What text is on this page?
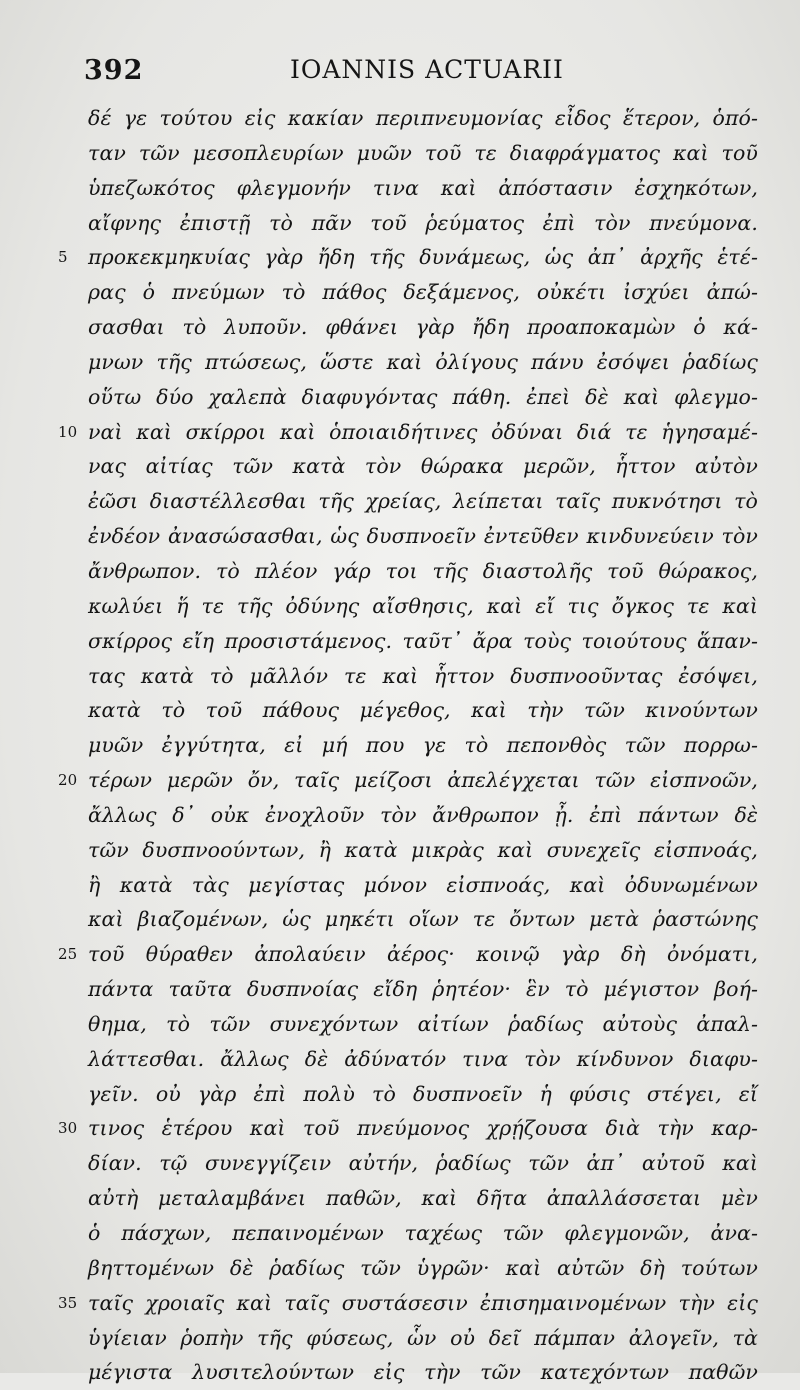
392	IOANNIS ACTUARII
δέ γε τούτου εἰς κακίαν περιπνευμονίας εἶδος ἕτερον, ὁπό-
ταν τῶν μεσοπλευρίων μυῶν τοῦ τε διαφράγματος καὶ τοῦ
ὑπεζωκότος φλεγμονήν τινα καὶ ἀπόστασιν ἐσχηκότων,
αἴφνης ἐπιστῇ τὸ πᾶν τοῦ ῥεύματος ἐπὶ τὸν πνεύμονα.
5 προκεκμηκυίας γὰρ ἤδη τῆς δυνάμεως, ὡς ἀπ᾽ ἀρχῆς ἑτέ-
ρας ὁ πνεύμων τὸ πάθος δεξάμενος, οὐκέτι ἰσχύει ἀπώ-
σασθαι τὸ λυποῦν. φθάνει γὰρ ἤδη προαποκαμὼν ὁ κά-
μνων τῆς πτώσεως, ὥστε καὶ ὀλίγους πάνυ ἐσόψει ῥαδίως
οὕτω δύο χαλεπὰ διαφυγόντας πάθη. ἐπεὶ δὲ καὶ φλεγμο-
10 ναὶ καὶ σκίρροι καὶ ὁποιαιδήτινες ὀδύναι διά τε ἡγησαμέ-
νας αἰτίας τῶν κατὰ τὸν θώρακα μερῶν, ἧττον αὐτὸν
ἐῶσι διαστέλλεσθαι τῆς χρείας, λείπεται ταῖς πυκνότησι τὸ
ἐνδέον ἀνασώσασθαι, ὡς δυσπνοεῖν ἐντεῦθεν κινδυνεύειν τὸν
ἄνθρωπον. τὸ πλέον γάρ τοι τῆς διαστολῆς τοῦ θώρακος,
κωλύει ἥ τε τῆς ὀδύνης αἴσθησις, καὶ εἴ τις ὄγκος τε καὶ
σκίρρος εἴη προσιστάμενος. ταῦτ᾽ ἄρα τοὺς τοιούτους ἅπαν-
τας κατὰ τὸ μᾶλλόν τε καὶ ἧττον δυσπνοοῦντας ἐσόψει,
κατὰ τὸ τοῦ πάθους μέγεθος, καὶ τὴν τῶν κινούντων
μυῶν ἐγγύτητα, εἰ μή που γε τὸ πεπονθὸς τῶν πορρω-
20 τέρων μερῶν ὄν, ταῖς μείζοσι ἀπελέγχεται τῶν εἰσπνοῶν,
ἄλλως δ᾽ οὐκ ἐνοχλοῦν τὸν ἄνθρωπον ᾖ. ἐπὶ πάντων δὲ
τῶν δυσπνοούντων, ἢ κατὰ μικρὰς καὶ συνεχεῖς εἰσπνοάς,
ἢ κατὰ τὰς μεγίστας μόνον εἰσπνοάς, καὶ ὀδυνωμένων
καὶ βιαζομένων, ὡς μηκέτι οἵων τε ὄντων μετὰ ῥαστώνης
25 τοῦ θύραθεν ἀπολαύειν ἀέρος· κοινῷ γὰρ δὴ ὀνόματι,
πάντα ταῦτα δυσπνοίας εἴδη ῥητέον· ἓν τὸ μέγιστον βοή-
θημα, τὸ τῶν συνεχόντων αἰτίων ῥαδίως αὐτοὺς ἀπαλ-
λάττεσθαι. ἄλλως δὲ ἀδύνατόν τινα τὸν κίνδυνον διαφυ-
γεῖν. οὐ γὰρ ἐπὶ πολὺ τὸ δυσπνοεῖν ἡ φύσις στέγει, εἴ
30 τινος ἑτέρου καὶ τοῦ πνεύμονος χρῄζουσα διὰ τὴν καρ-
δίαν. τῷ συνεγγίζειν αὐτήν, ῥαδίως τῶν ἀπ᾽ αὐτοῦ καὶ
αὐτὴ μεταλαμβάνει παθῶν, καὶ δῆτα ἀπαλλάσσεται μὲν
ὁ πάσχων, πεπαινομένων ταχέως τῶν φλεγμονῶν, ἀνα-
βηττομένων δὲ ῥαδίως τῶν ὑγρῶν· καὶ αὐτῶν δὴ τούτων
35 ταῖς χροιαῖς καὶ ταῖς συστάσεσιν ἐπισημαινομένων τὴν εἰς
ὑγίειαν ῥοπὴν τῆς φύσεως, ὧν οὐ δεῖ πάμπαν ἀλογεῖν, τὰ
μέγιστα λυσιτελούντων εἰς τὴν τῶν κατεχόντων παθῶν
